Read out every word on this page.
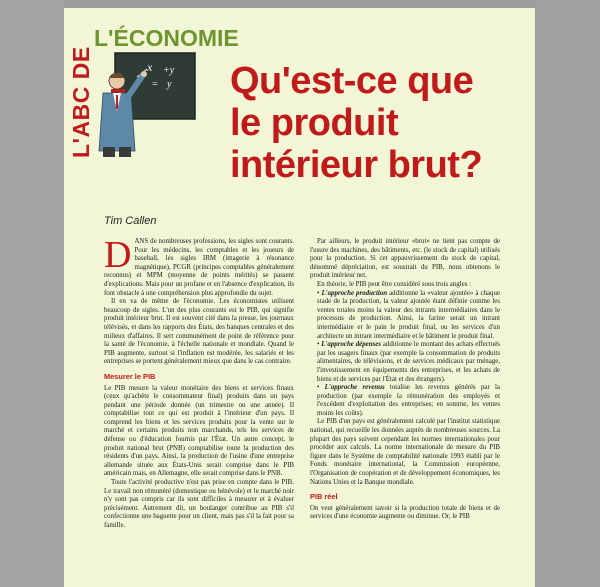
L'ABC DE
L'ÉCONOMIE
x +y
= y Qu'est-ce que
le produit
intérieur brut?
Tim Callen

DANS de nombreuses professions, les sigles sont courants. Pour les médecins, les comptables et les joueurs de baseball, les sigles IRM (imagerie à résonance magnétique), PCGR (principes comptables généralement reconnus) et MPM (moyenne de points mérités) se passent d'explications. Mais pour un profane et en l'absence d'explication, ils font obstacle à une compréhension plus approfondie du sujet.

Il en va de même de l'économie. Les économistes utilisent beaucoup de sigles. L'un des plus courants est le PIB, qui signifie produit intérieur brut. Il est souvent cité dans la presse, les journaux télévisés, et dans les rapports des États, des banques centrales et des milieux d'affaires. Il sert communément de point de référence pour la santé de l'économie, à l'échelle nationale et mondiale. Quand le PIB augmente, surtout si l'inflation est modérée, les salariés et les entreprises se portent généralement mieux que dans le cas contraire.

Mesurer le PIB

Le PIB mesure la valeur monétaire des biens et services finaux (ceux qu'achète le consommateur final) produits dans un pays pendant une période donnée (un trimestre ou une année). Il comptabilise tout ce qui est produit à l'intérieur d'un pays. Il comprend les biens et les services produits pour la vente sur le marché et certains produits non marchands, tels les services de défense ou d'éducation fournis par l'État. Un autre concept, le produit national brut (PNB) comptabilise toute la production des résidents d'un pays. Ainsi, la production de l'usine d'une entreprise allemande située aux États-Unis serait comprise dans le PIB américain mais, en Allemagne, elle serait comprise dans le PNB.

Toute l'activité productive n'est pas prise en compte dans le PIB. Le travail non rémunéré (domestique ou bénévole) et le marché noir n'y sont pas compris car ils sont difficiles à mesurer et à évaluer précisément. Autrement dit, un boulanger contribue au PIB s'il confectionne une baguette pour un client, mais pas s'il la fait pour sa famille.

Par ailleurs, le produit intérieur «brut» ne tient pas compte de l'usure des machines, des bâtiments, etc. (le stock de capital) utilisés pour la production. Si cet appauvrissement du stock de capital, dénommé dépréciation, est soustrait du PIB, nous obtenons le produit intérieur net.

En théorie, le PIB peut être considéré sous trois angles :

• L'approche production additionne la «valeur ajoutée» à chaque stade de la production, la valeur ajoutée étant définie comme les ventes totales moins la valeur des intrants intermédiaires dans le processus de production. Ainsi, la farine serait un intrant intermédiaire et le pain le produit final, ou les services d'un architecte un intrant intermédiaire et le bâtiment le produit final.

• L'approche dépenses additionne le montant des achats effectués par les usagers finaux (par exemple la consommation de produits alimentaires, de télévisions, et de services médicaux par ménage, l'investissement en équipements des entreprises, et les achats de biens et de services par l'État et des étrangers).

• L'approche revenus totalise les revenus générés par la production (par exemple la rémunération des employés et l'excédent d'exploitation des entreprises; en somme, les ventes moins les coûts).

Le PIB d'un pays est généralement calculé par l'institut statistique national, qui recueille les données auprès de nombreuses sources. La plupart des pays suivent cependant les normes internationales pour procéder aux calculs. La norme internationale de mesure du PIB figure dans le Système de comptabilité nationale 1993 établi par le Fonds monétaire international, la Commission européenne, l'Organisation de coopération et de développement économiques, les Nations Unies et la Banque mondiale.

PIB réel

On veut généralement savoir si la production totale de biens et de services d'une économie augmente ou diminue. Or, le PIB
